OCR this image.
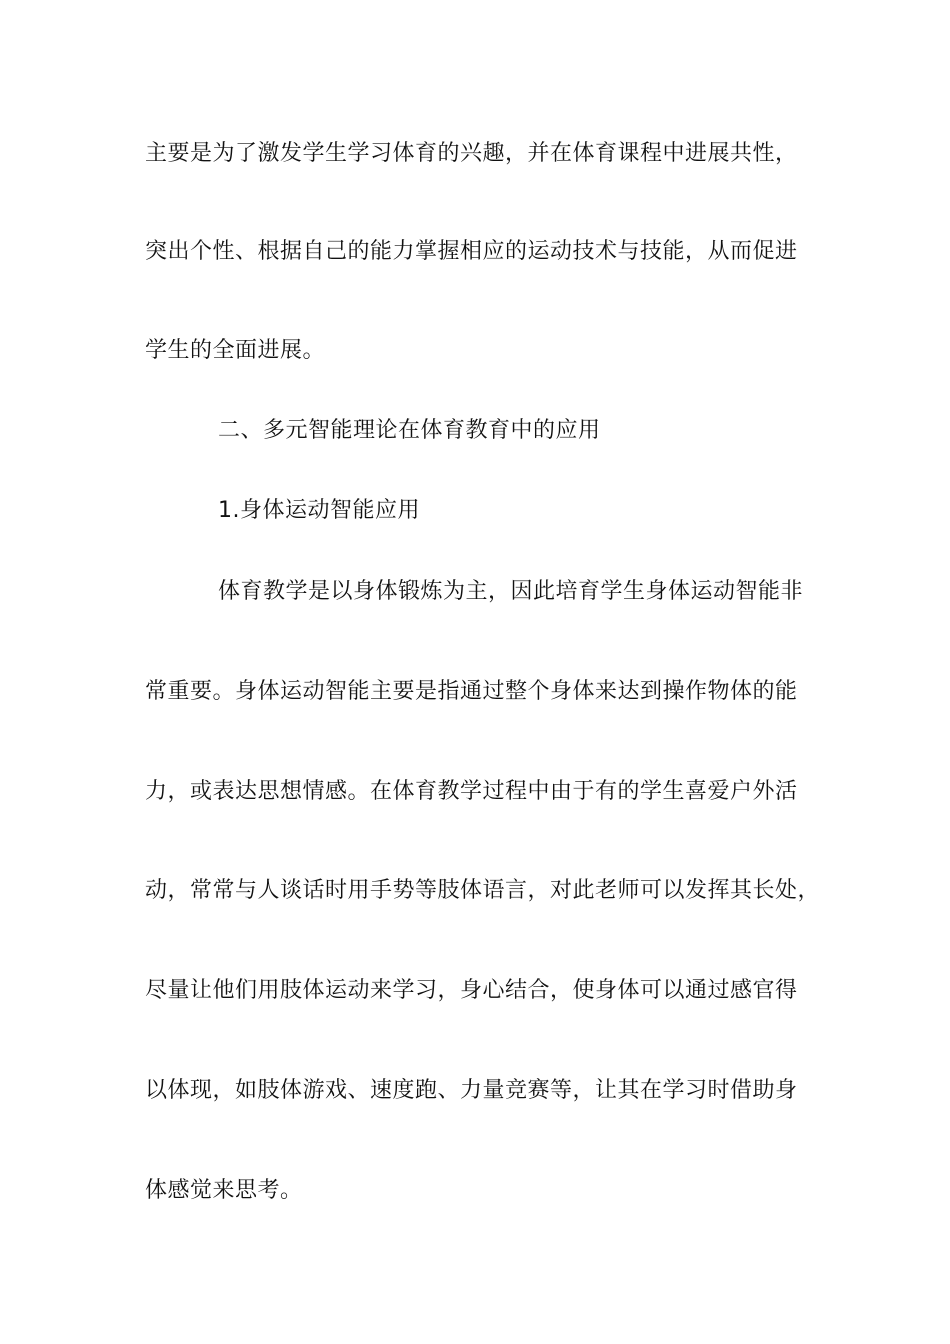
主要是为了激发学生学习体育的兴趣，并在体育课程中进展共性，
突出个性、根据自己的能力掌握相应的运动技术与技能，从而促进
学生的全面进展。
二、多元智能理论在体育教育中的应用
1.身体运动智能应用
体育教学是以身体锻炼为主，因此培育学生身体运动智能非
常重要。身体运动智能主要是指通过整个身体来达到操作物体的能
力，或表达思想情感。在体育教学过程中由于有的学生喜爱户外活
动，常常与人谈话时用手势等肢体语言，对此老师可以发挥其长处，
尽量让他们用肢体运动来学习，身心结合，使身体可以通过感官得
以体现，如肢体游戏、速度跑、力量竞赛等，让其在学习时借助身
体感觉来思考。
